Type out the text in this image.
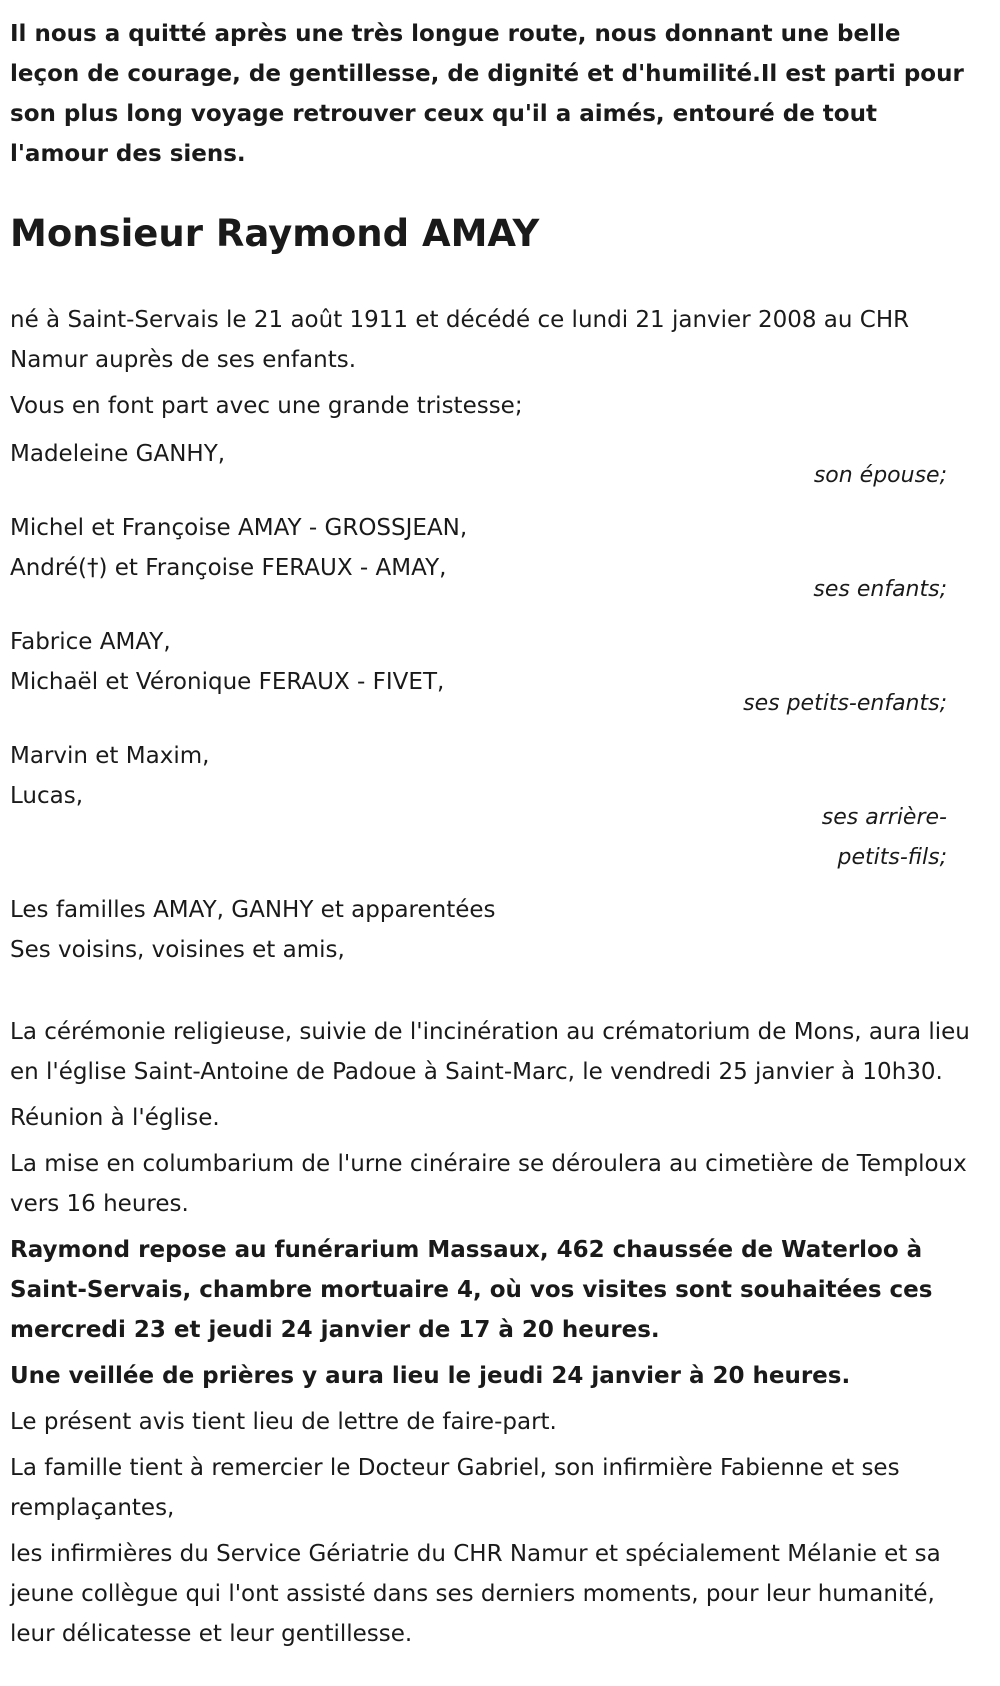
Il nous a quitté après une très longue route, nous donnant une belle leçon de courage, de gentillesse, de dignité et d'humilité.Il est parti pour son plus long voyage retrouver ceux qu'il a aimés, entouré de tout l'amour des siens.

Monsieur Raymond AMAY

né à Saint-Servais le 21 août 1911 et décédé ce lundi 21 janvier 2008 au CHR Namur auprès de ses enfants.

Vous en font part avec une grande tristesse;

Madeleine GANHY,

son épouse;

Michel et Françoise AMAY - GROSSJEAN,

André(†) et Françoise FERAUX - AMAY,

ses enfants;

Fabrice AMAY,

Michaël et Véronique FERAUX - FIVET,

ses petits-enfants;

Marvin et Maxim,

Lucas,

ses arrière-

petits-fils;

Les familles AMAY, GANHY et apparentées

Ses voisins, voisines et amis,

La cérémonie religieuse, suivie de l'incinération au crématorium de Mons, aura lieu en l'église Saint-Antoine de Padoue à Saint-Marc, le vendredi 25 janvier à 10h30.

Réunion à l'église.

La mise en columbarium de l'urne cinéraire se déroulera au cimetière de Temploux vers 16 heures.

Raymond repose au funérarium Massaux, 462 chaussée de Waterloo à Saint-Servais, chambre mortuaire 4, où vos visites sont souhaitées ces mercredi 23 et jeudi 24 janvier de 17 à 20 heures.

Une veillée de prières y aura lieu le jeudi 24 janvier à 20 heures.

Le présent avis tient lieu de lettre de faire-part.

La famille tient à remercier le Docteur Gabriel, son infirmière Fabienne et ses remplaçantes,

les infirmières du Service Gériatrie du CHR Namur et spécialement Mélanie et sa jeune collègue qui l'ont assisté dans ses derniers moments, pour leur humanité, leur délicatesse et leur gentillesse.
